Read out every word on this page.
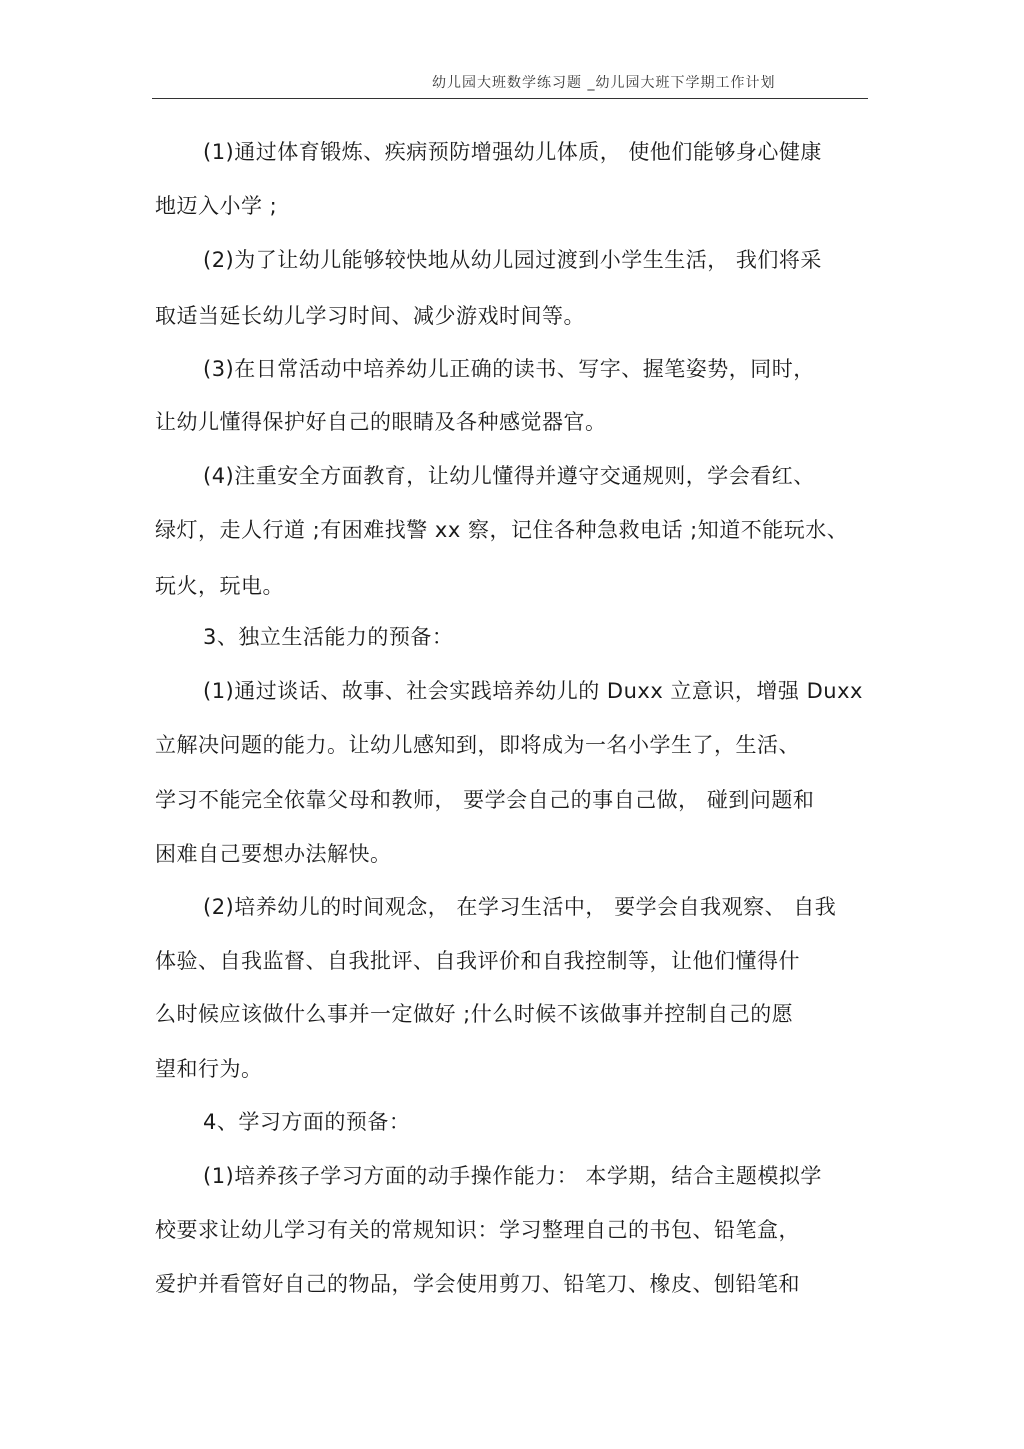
幼儿园大班数学练习题 _幼儿园大班下学期工作计划
(1)通过体育锻炼、疾病预防增强幼儿体质， 使他们能够身心健康
地迈入小学 ;
(2)为了让幼儿能够较快地从幼儿园过渡到小学生生活， 我们将采
取适当延长幼儿学习时间、减少游戏时间等。
(3)在日常活动中培养幼儿正确的读书、写字、握笔姿势，同时，
让幼儿懂得保护好自己的眼睛及各种感觉器官。
(4)注重安全方面教育，让幼儿懂得并遵守交通规则，学会看红、
绿灯，走人行道 ;有困难找警 xx 察，记住各种急救电话 ;知道不能玩水、
玩火，玩电。
3、独立生活能力的预备：
(1)通过谈话、故事、社会实践培养幼儿的 Duxx 立意识，增强 Duxx
立解决问题的能力。让幼儿感知到，即将成为一名小学生了，生活、
学习不能完全依靠父母和教师， 要学会自己的事自己做， 碰到问题和
困难自己要想办法解快。
(2)培养幼儿的时间观念， 在学习生活中， 要学会自我观察、 自我
体验、自我监督、自我批评、自我评价和自我控制等，让他们懂得什
么时候应该做什么事并一定做好 ;什么时候不该做事并控制自己的愿
望和行为。
4、学习方面的预备：
(1)培养孩子学习方面的动手操作能力： 本学期，结合主题模拟学
校要求让幼儿学习有关的常规知识：学习整理自己的书包、铅笔盒，
爱护并看管好自己的物品，学会使用剪刀、铅笔刀、橡皮、刨铅笔和
